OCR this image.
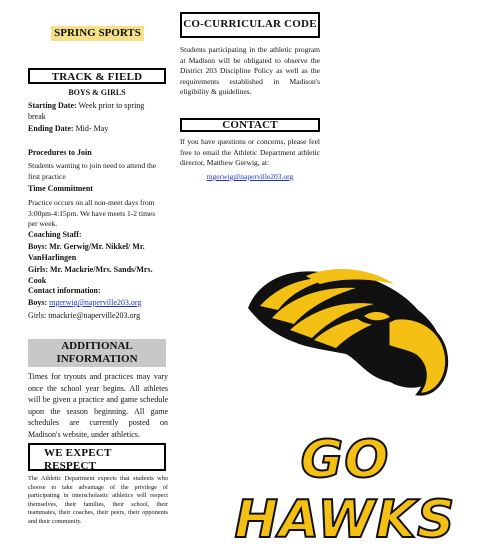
SPRING SPORTS
TRACK & FIELD
BOYS & GIRLS
Starting Date: Week prior to spring break
Ending Date: Mid- May
Procedures to Join
Students wanting to join need to attend the first practice
Time Commitment
Practice occurs on all non-meet days from 3:00pm-4:15pm. We have meets 1-2 times per week.
Coaching Staff:
Boys: Mr. Gerwig/Mr. Nikkel/ Mr. VanHarlingen
Girls: Mr. Mackrie/Mrs. Sands/Mrs. Cook
Contact information:
Boys: mgerwig@naperville203.org
Girls: tmackrie@naperville203.org
ADDITIONAL
INFORMATION
Times for tryouts and practices may vary once the school year begins. All athletes will be given a practice and game schedule upon the season beginning. All game schedules are currently posted on Madison's website, under athletics.
WE EXPECT RESPECT
The Athletic Department expects that students who choose to take advantage of the privilege of participating in interscholastic athletics will respect themselves, their families, their school, their teammates, their coaches, their peers, their opponents and their community.
CO-CURRICULAR CODE
Students participating in the athletic program at Madison will be obligated to observe the District 203 Discipline Policy as well as the requirements established in Madison's eligibility & guidelines.
CONTACT
If you have questions or concerns, please feel free to email the Athletic Department athletic director, Matthew Gerwig, at:
mgerwig@naperville203.org
GO HAWKS
